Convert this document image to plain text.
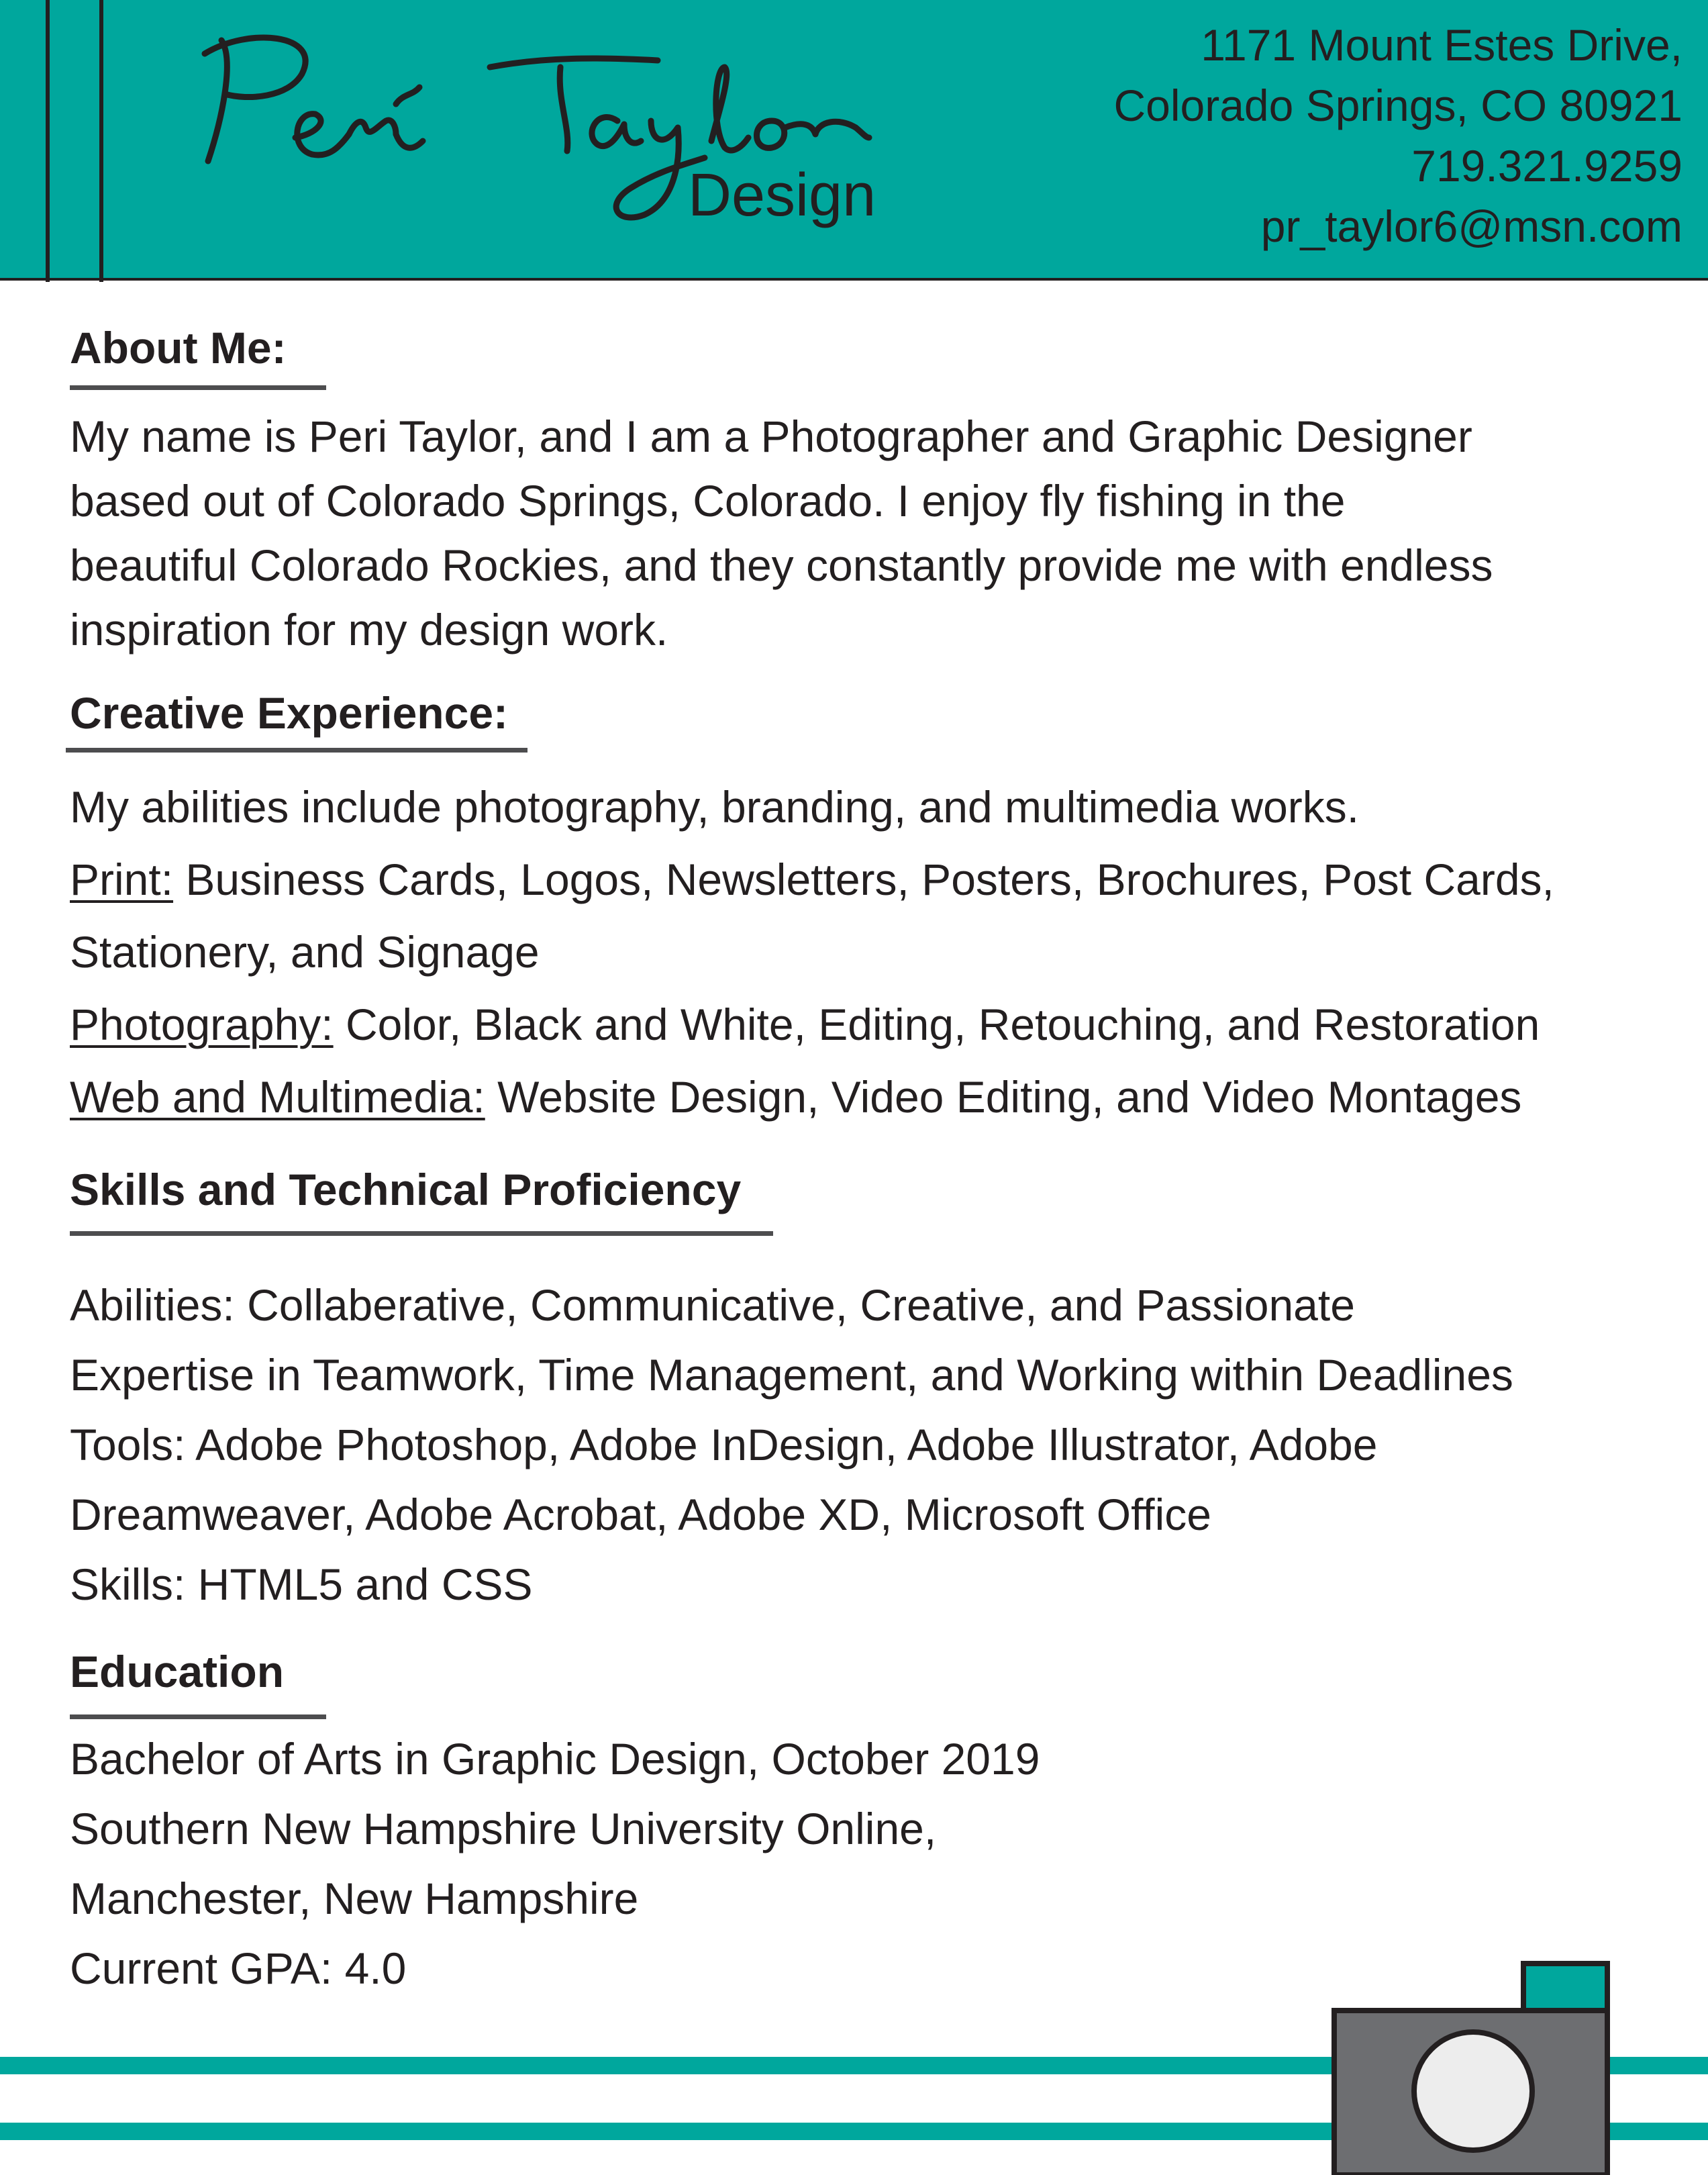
Design
1171 Mount Estes Drive,
Colorado Springs, CO 80921
719.321.9259
pr_taylor6@msn.com
About Me:
My name is Peri Taylor, and I am a Photographer and Graphic Designer
based out of Colorado Springs, Colorado. I enjoy fly fishing in the
beautiful Colorado Rockies, and they constantly provide me with endless
inspiration for my design work.
Creative Experience:
My abilities include photography, branding, and multimedia works.
Print: Business Cards, Logos, Newsletters, Posters, Brochures, Post Cards,
Stationery, and Signage
Photography: Color, Black and White, Editing, Retouching, and Restoration
Web and Multimedia: Website Design, Video Editing, and Video Montages
Skills and Technical Proficiency
Abilities: Collaberative, Communicative, Creative, and Passionate
Expertise in Teamwork, Time Management, and Working within Deadlines
Tools: Adobe Photoshop, Adobe InDesign, Adobe Illustrator, Adobe
Dreamweaver, Adobe Acrobat, Adobe XD, Microsoft Office
Skills: HTML5 and CSS
Education
Bachelor of Arts in Graphic Design, October 2019
Southern New Hampshire University Online,
Manchester, New Hampshire
Current GPA: 4.0
